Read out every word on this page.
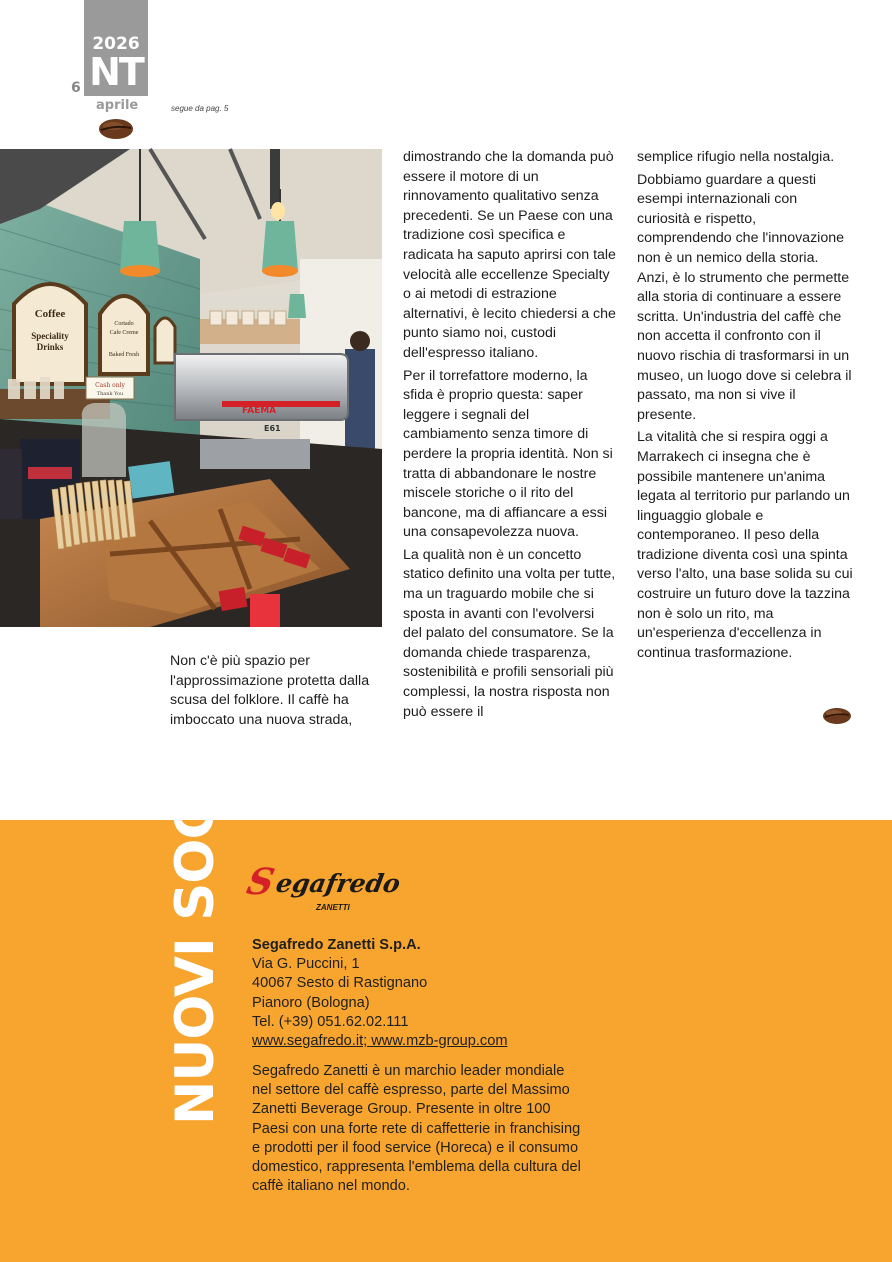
2026
NT
6
aprile	segue da pag. 5
Coffee
Speciality
Drinks
Cortado
Cafe Creme
Baked Fresh
FAEMA
E61
Cash only
Thank You

Non c'è più spazio per l'approssimazione protetta dalla scusa del folklore. Il caffè ha imboccato una nuova strada,

dimostrando che la domanda può essere il motore di un rinnovamento qualitativo senza precedenti. Se un Paese con una tradizione così specifica e radicata ha saputo aprirsi con tale velocità alle eccellenze Specialty o ai metodi di estrazione alternativi, è lecito chiedersi a che punto siamo noi, custodi dell'espresso italiano.

Per il torrefattore moderno, la sfida è proprio questa: saper leggere i segnali del cambiamento senza timore di perdere la propria identità. Non si tratta di abbandonare le nostre miscele storiche o il rito del bancone, ma di affiancare a essi una consapevolezza nuova.

La qualità non è un concetto statico definito una volta per tutte, ma un traguardo mobile che si sposta in avanti con l'evolversi del palato del consumatore. Se la domanda chiede trasparenza, sostenibilità e profili sensoriali più complessi, la nostra risposta non può essere il

semplice rifugio nella nostalgia.

Dobbiamo guardare a questi esempi internazionali con curiosità e rispetto, comprendendo che l'innovazione non è un nemico della storia. Anzi, è lo strumento che permette alla storia di continuare a essere scritta. Un'industria del caffè che non accetta il confronto con il nuovo rischia di trasformarsi in un museo, un luogo dove si celebra il passato, ma non si vive il presente.

La vitalità che si respira oggi a Marrakech ci insegna che è possibile mantenere un'anima legata al territorio pur parlando un linguaggio globale e contemporaneo. Il peso della tradizione diventa così una spinta verso l'alto, una base solida su cui costruire un futuro dove la tazzina non è solo un rito, ma un'esperienza d'eccellenza in continua trasformazione.

NUOVI SOCI S
egafredo
ZANETTI
Segafredo Zanetti S.p.A.
Via G. Puccini, 1
40067 Sesto di Rastignano
Pianoro (Bologna)
Tel. (+39) 051.62.02.111
www.segafredo.it; www.mzb-group.com
Segafredo Zanetti è un marchio leader mondiale nel settore del caffè espresso, parte del Massimo Zanetti Beverage Group. Presente in oltre 100 Paesi con una forte rete di caffetterie in franchising e prodotti per il food service (Horeca) e il consumo domestico, rappresenta l'emblema della cultura del caffè italiano nel mondo.
